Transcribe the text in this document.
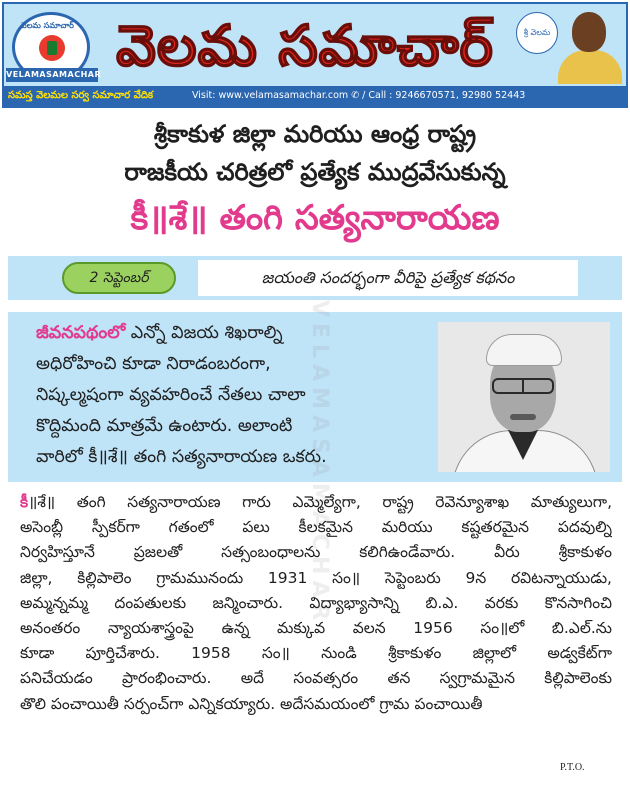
వెలమ సమాచార్
VELAMASAMACHAR వెలమ సమాచార్	శ్రీ వెలమ
సమస్త వెలమల సర్వ సమాచార వేదిక	Visit: www.velamasamachar.com ✆ / Call : 9246670571, 92980 52443
శ్రీకాకుళ జిల్లా మరియు ఆంధ్ర రాష్ట్ర
రాజకీయ చరిత్రలో ప్రత్యేక ముద్రవేసుకున్న
కీ॥శే॥ తంగి సత్యనారాయణ
2 సెప్టెంబర్	జయంతి సందర్భంగా వీరిపై ప్రత్యేక కథనం
జీవనపథంలో ఎన్నో విజయ శిఖరాల్ని
అధిరోహించి కూడా నిరాడంబరంగా,
నిష్కల్మషంగా వ్యవహరించే నేతలు చాలా
కొద్దిమంది మాత్రమే ఉంటారు. అలాంటి
వారిలో కీ॥శే॥ తంగి సత్యనారాయణ ఒకరు.
VELAMASAMACHAR
కీ॥శే॥ తంగి సత్యనారాయణ గారు ఎమ్మెల్యేగా, రాష్ట్ర రెవెన్యూశాఖ మాత్యులుగా,
అసెంబ్లీ స్పీకర్‌గా గతంలో పలు కీలకమైన మరియు కష్టతరమైన పదవుల్ని
నిర్వహిస్తూనే ప్రజలతో సత్సంబంధాలను కలిగిఉండేవారు. వీరు శ్రీకాకుళం
జిల్లా, కిల్లిపాలెం గ్రామమునందు 1931 సం॥ సెప్టెంబరు 9న రవిటన్నాయుడు,
అమ్మన్నమ్మ దంపతులకు జన్మించారు. విద్యాభ్యాసాన్ని బి.ఎ. వరకు కొనసాగించి
అనంతరం న్యాయశాస్త్రంపై ఉన్న మక్కువ వలన 1956 సం॥లో బి.ఎల్.ను
కూడా పూర్తిచేశారు. 1958 సం॥ నుండి శ్రీకాకుళం జిల్లాలో అడ్వకేట్‌గా
పనిచేయడం ప్రారంభించారు. అదే సంవత్సరం తన స్వగ్రామమైన కిల్లిపాలెంకు
తొలి పంచాయితీ సర్పంచ్‌గా ఎన్నికయ్యారు. అదేసమయంలో గ్రామ పంచాయితీ
P.T.O.
